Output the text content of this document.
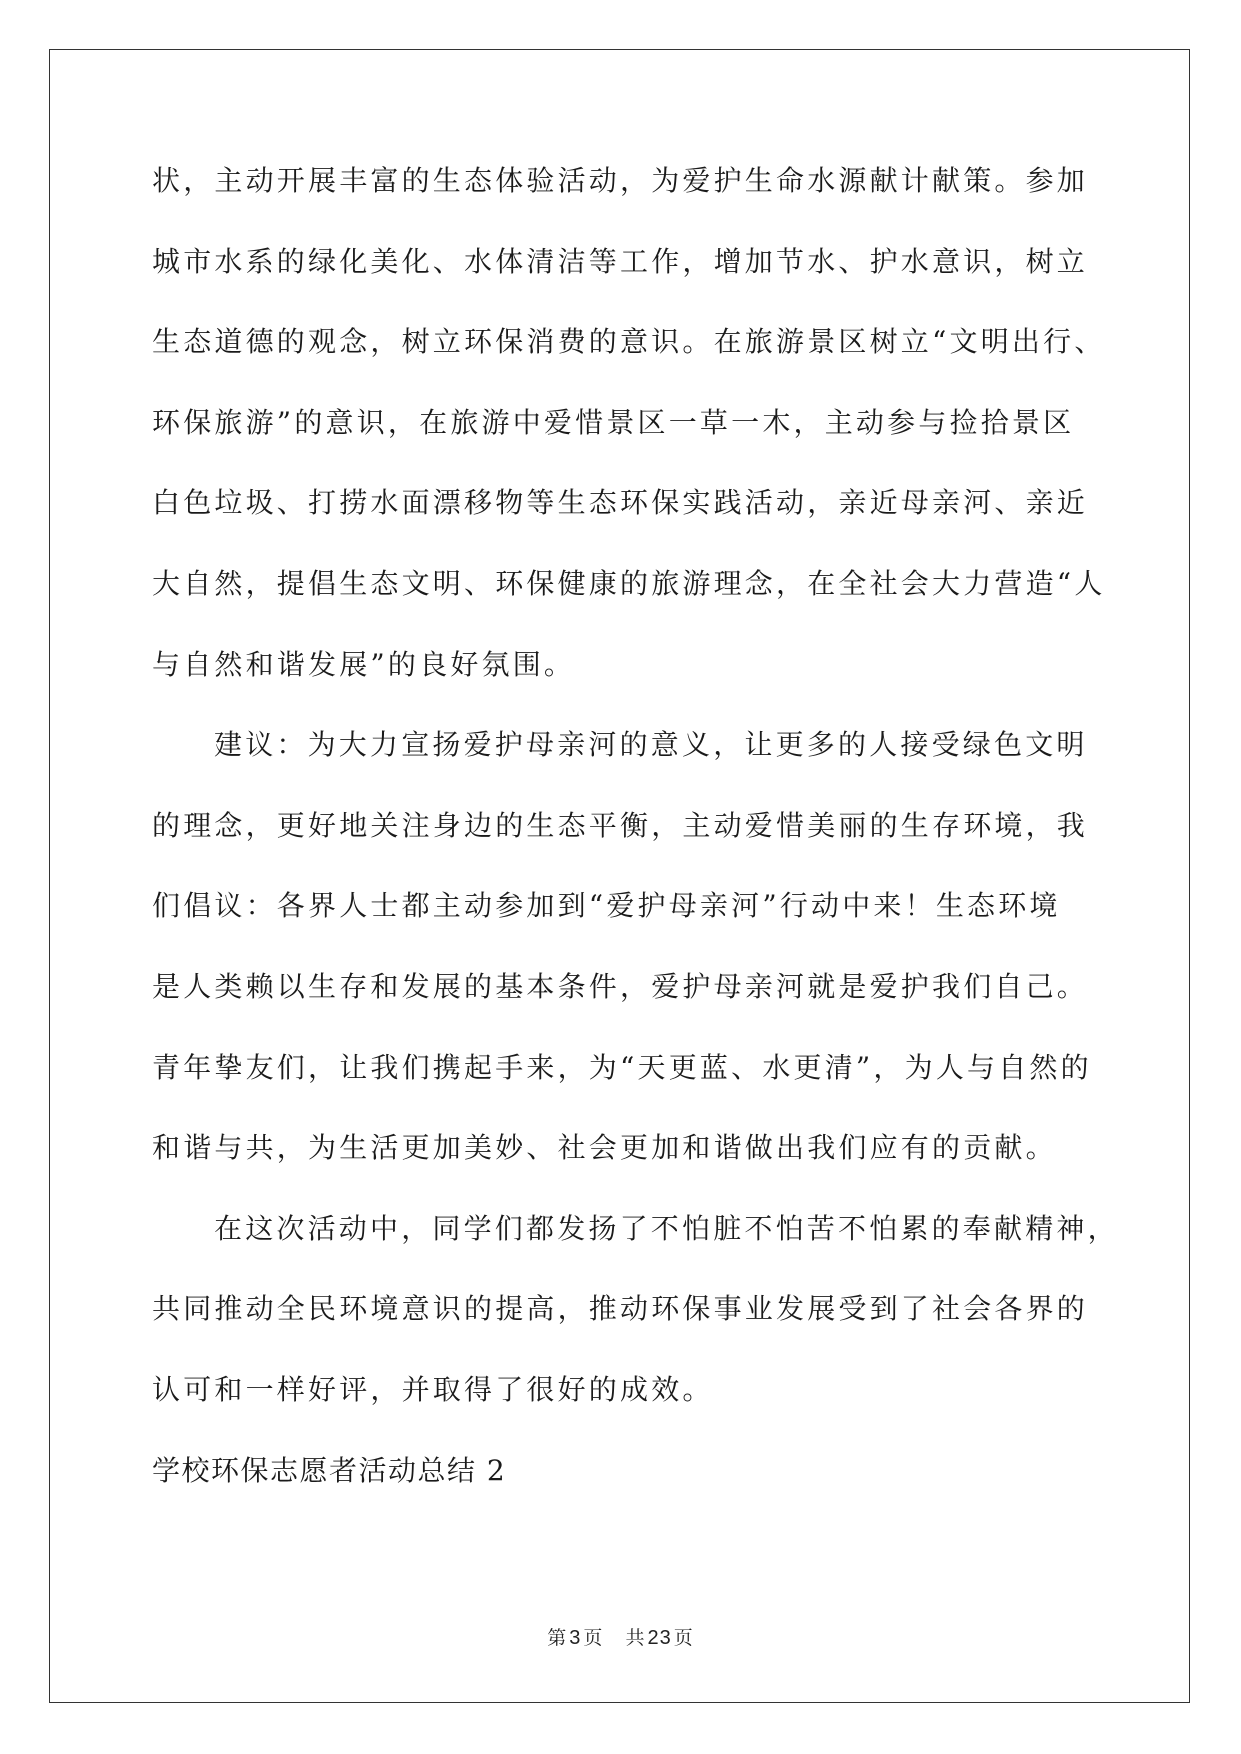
状，主动开展丰富的生态体验活动，为爱护生命水源献计献策。参加
城市水系的绿化美化、水体清洁等工作，增加节水、护水意识，树立
生态道德的观念，树立环保消费的意识。在旅游景区树立“文明出行、
环保旅游”的意识，在旅游中爱惜景区一草一木，主动参与捡拾景区
白色垃圾、打捞水面漂移物等生态环保实践活动，亲近母亲河、亲近
大自然，提倡生态文明、环保健康的旅游理念，在全社会大力营造“人
与自然和谐发展”的良好氛围。
建议：为大力宣扬爱护母亲河的意义，让更多的人接受绿色文明
的理念，更好地关注身边的生态平衡，主动爱惜美丽的生存环境，我
们倡议：各界人士都主动参加到“爱护母亲河”行动中来！生态环境
是人类赖以生存和发展的基本条件，爱护母亲河就是爱护我们自己。
青年挚友们，让我们携起手来，为“天更蓝、水更清”，为人与自然的
和谐与共，为生活更加美妙、社会更加和谐做出我们应有的贡献。
在这次活动中，同学们都发扬了不怕脏不怕苦不怕累的奉献精神，
共同推动全民环境意识的提高，推动环保事业发展受到了社会各界的
认可和一样好评，并取得了很好的成效。
学校环保志愿者活动总结 2
第 3 页 共 23 页
